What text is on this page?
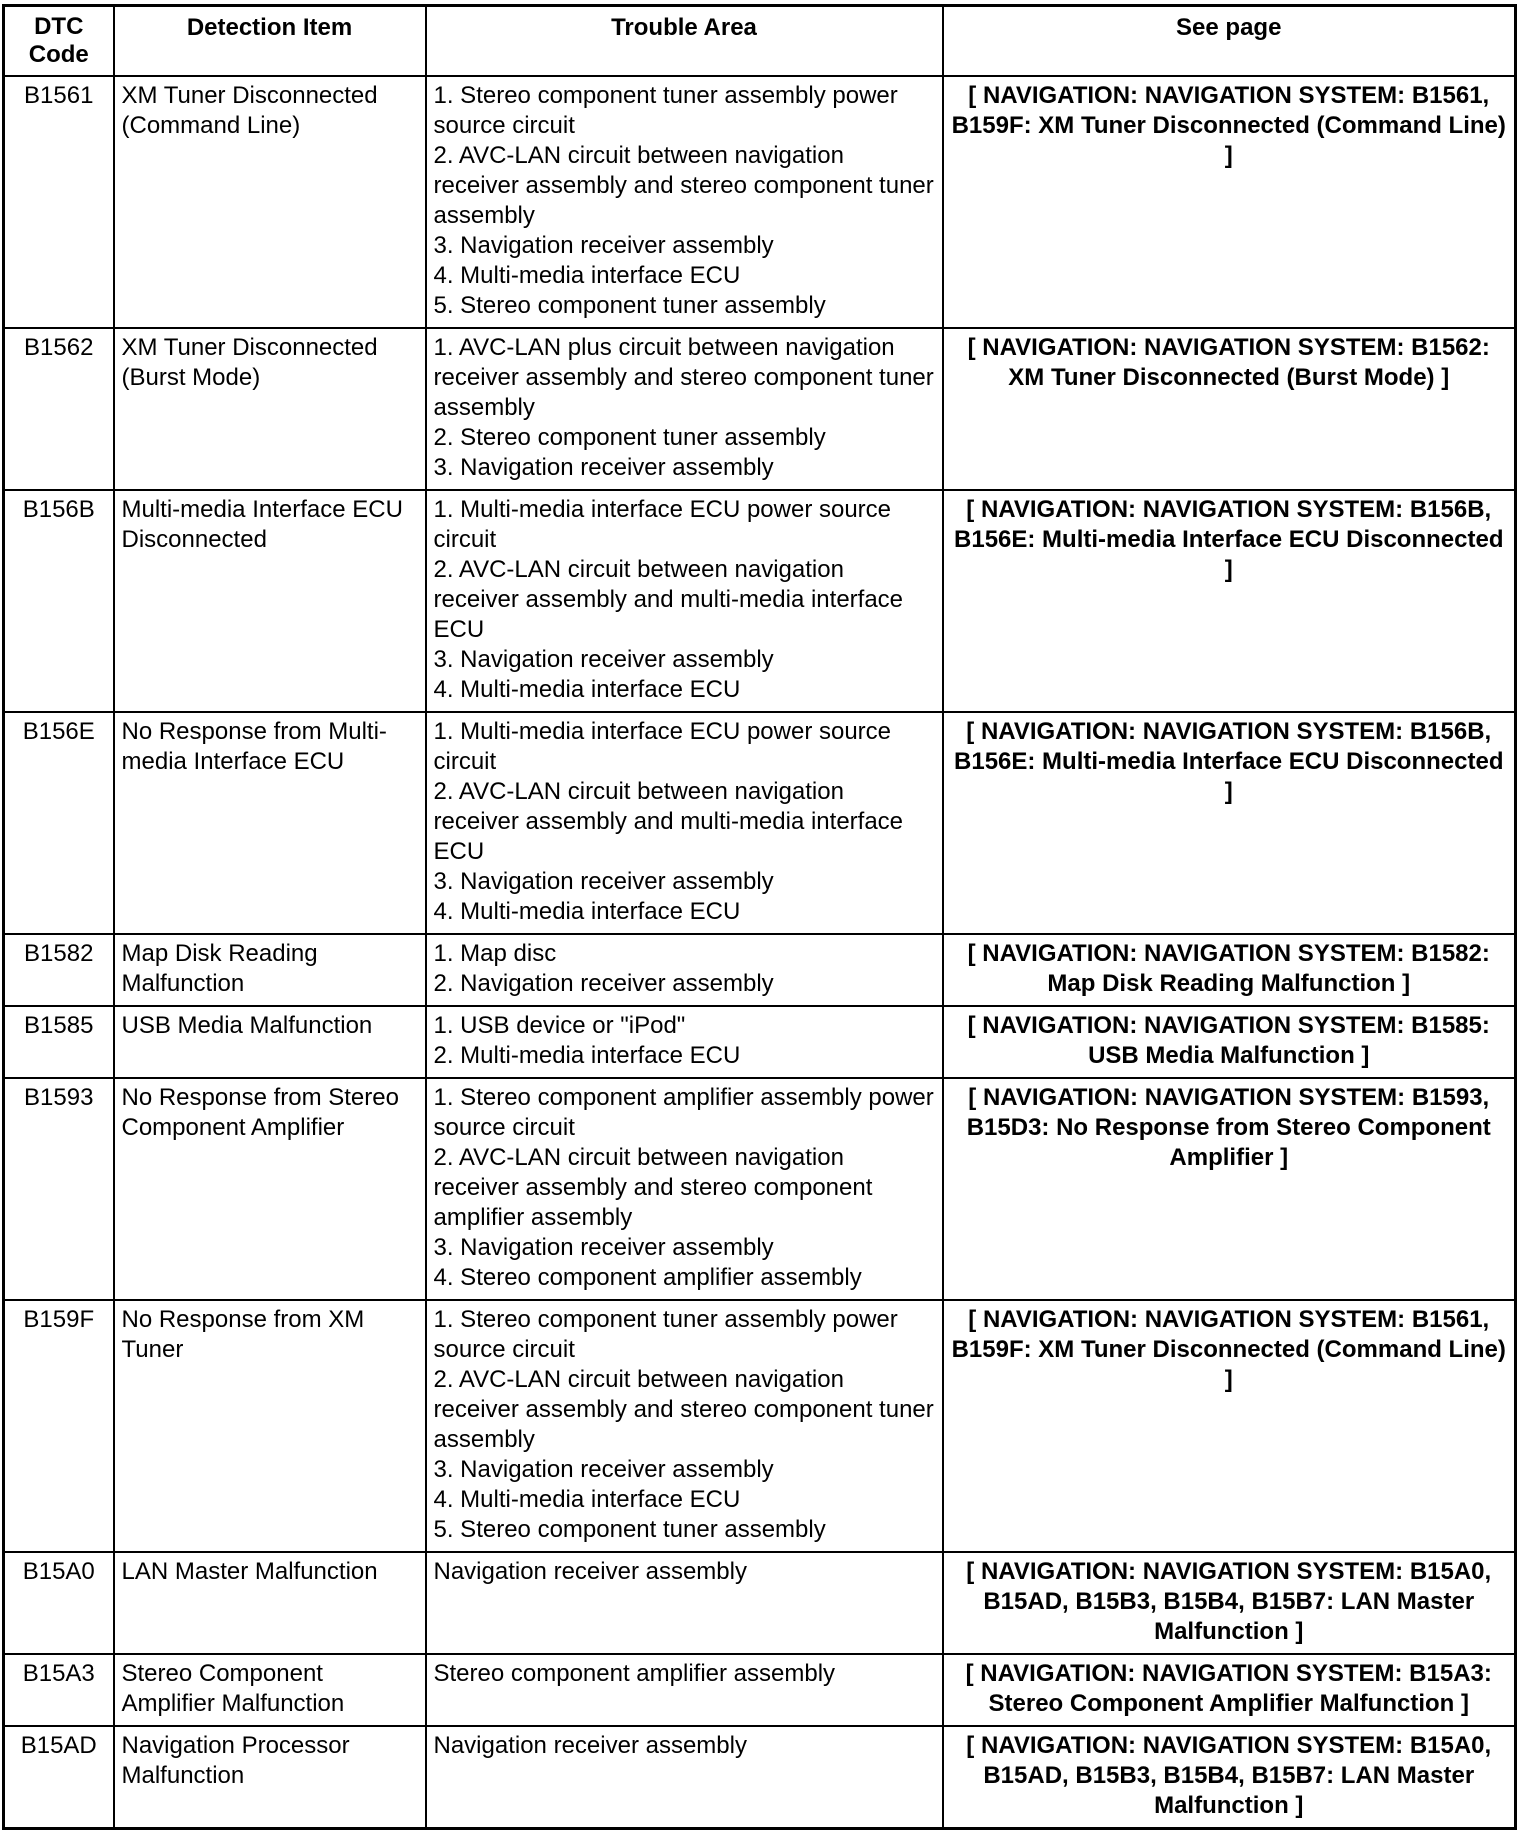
DTC Code	Detection Item	Trouble Area	See page
B1561	XM Tuner Disconnected (Command Line)	1. Stereo component tuner assembly power source circuit
2. AVC-LAN circuit between navigation receiver assembly and stereo component tuner assembly
3. Navigation receiver assembly
4. Multi-media interface ECU
5. Stereo component tuner assembly	[ NAVIGATION: NAVIGATION SYSTEM: B1561, B159F: XM Tuner Disconnected (Command Line) ]
B1562	XM Tuner Disconnected (Burst Mode)	1. AVC-LAN plus circuit between navigation receiver assembly and stereo component tuner assembly
2. Stereo component tuner assembly
3. Navigation receiver assembly	[ NAVIGATION: NAVIGATION SYSTEM: B1562: XM Tuner Disconnected (Burst Mode) ]
B156B	Multi-media Interface ECU Disconnected	1. Multi-media interface ECU power source circuit
2. AVC-LAN circuit between navigation receiver assembly and multi-media interface ECU
3. Navigation receiver assembly
4. Multi-media interface ECU	[ NAVIGATION: NAVIGATION SYSTEM: B156B, B156E: Multi-media Interface ECU Disconnected ]
B156E	No Response from Multi-media Interface ECU	1. Multi-media interface ECU power source circuit
2. AVC-LAN circuit between navigation receiver assembly and multi-media interface ECU
3. Navigation receiver assembly
4. Multi-media interface ECU	[ NAVIGATION: NAVIGATION SYSTEM: B156B, B156E: Multi-media Interface ECU Disconnected ]
B1582	Map Disk Reading Malfunction	1. Map disc
2. Navigation receiver assembly	[ NAVIGATION: NAVIGATION SYSTEM: B1582: Map Disk Reading Malfunction ]
B1585	USB Media Malfunction	1. USB device or "iPod"
2. Multi-media interface ECU	[ NAVIGATION: NAVIGATION SYSTEM: B1585: USB Media Malfunction ]
B1593	No Response from Stereo Component Amplifier	1. Stereo component amplifier assembly power source circuit
2. AVC-LAN circuit between navigation receiver assembly and stereo component amplifier assembly
3. Navigation receiver assembly
4. Stereo component amplifier assembly	[ NAVIGATION: NAVIGATION SYSTEM: B1593, B15D3: No Response from Stereo Component Amplifier ]
B159F	No Response from XM Tuner	1. Stereo component tuner assembly power source circuit
2. AVC-LAN circuit between navigation receiver assembly and stereo component tuner assembly
3. Navigation receiver assembly
4. Multi-media interface ECU
5. Stereo component tuner assembly	[ NAVIGATION: NAVIGATION SYSTEM: B1561, B159F: XM Tuner Disconnected (Command Line) ]
B15A0	LAN Master Malfunction	Navigation receiver assembly	[ NAVIGATION: NAVIGATION SYSTEM: B15A0, B15AD, B15B3, B15B4, B15B7: LAN Master Malfunction ]
B15A3	Stereo Component Amplifier Malfunction	Stereo component amplifier assembly	[ NAVIGATION: NAVIGATION SYSTEM: B15A3: Stereo Component Amplifier Malfunction ]
B15AD	Navigation Processor Malfunction	Navigation receiver assembly	[ NAVIGATION: NAVIGATION SYSTEM: B15A0, B15AD, B15B3, B15B4, B15B7: LAN Master Malfunction ]
